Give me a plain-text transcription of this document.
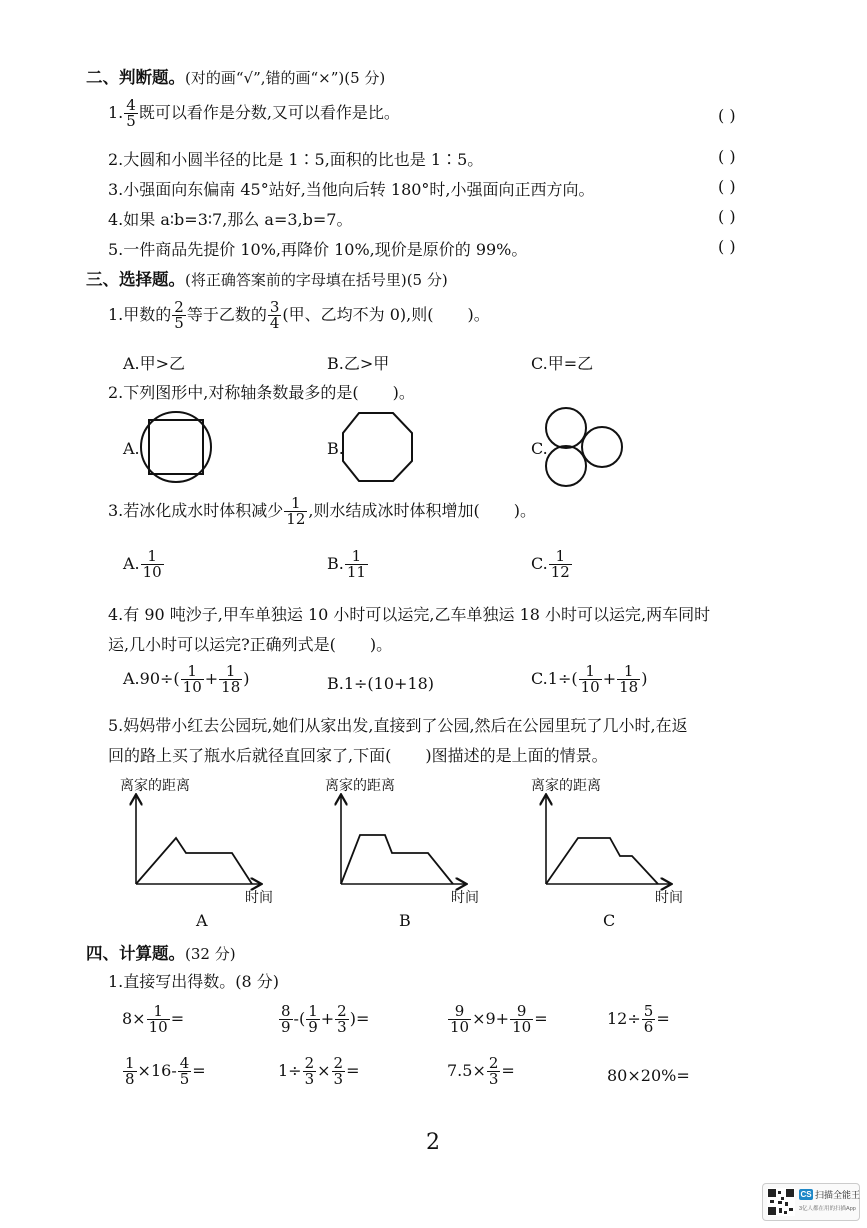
二、判断题。(对的画“√”,错的画“×”)(5 分)
1. $\frac{4}{5}$ 既可以看作是分数,又可以看作是比。	( )
2.大圆和小圆半径的比是 1∶5,面积的比也是 1∶5。	( )
3.小强面向东偏南 45°站好,当他向后转 180°时,小强面向正西方向。	( )
4.如果 a∶b=3∶7,那么 a=3,b=7。	( )
5.一件商品先提价 10%,再降价 10%,现价是原价的 99%。	( )
三、选择题。(将正确答案前的字母填在括号里)(5 分)
1.甲数的 $\frac{2}{5}$ 等于乙数的 $\frac{3}{4}$ (甲、乙均不为 0),则( )。
A.甲>乙	B.乙>甲	C.甲=乙
2.下列图形中,对称轴条数最多的是( )。
A.	B.	C.
3.若冰化成水时体积减少 $\frac{1}{12}$ ,则水结成冰时体积增加( )。
A. $\frac{1}{10}$	B. $\frac{1}{11}$	C. $\frac{1}{12}$
4.有 90 吨沙子,甲车单独运 10 小时可以运完,乙车单独运 18 小时可以运完,两车同时
运,几小时可以运完?正确列式是( )。
$A.90\div( \frac{1}{10} + \frac{1}{18}$ )	B.1÷(10+18)	$C.1\div( \frac{1}{10} + \frac{1}{18}$ )
5.妈妈带小红去公园玩,她们从家出发,直接到了公园,然后在公园里玩了几小时,在返
回的路上买了瓶水后就径直回家了,下面( )图描述的是上面的情景。
离家的距离	离家的距离	离家的距离
时间	时间	时间
A	B	C
四、计算题。(32 分)
1.直接写出得数。(8 分)
$8\times \frac{1}{10}$ =	$\frac{8}{9}$ -( $\frac{1}{9} + \frac{2}{3}$ )=	$\frac{9}{10} \times 9+ \frac{9}{10}$ =	$12\div \frac{5}{6}$ =
$\frac{1}{8} \times 16- \frac{4}{5}$ =	$1\div \frac{2}{3} \times \frac{2}{3}$ =	$7.5\times \frac{2}{3}$ =	80×20%=
2
CS 扫描全能王
3亿人都在用的扫描App
